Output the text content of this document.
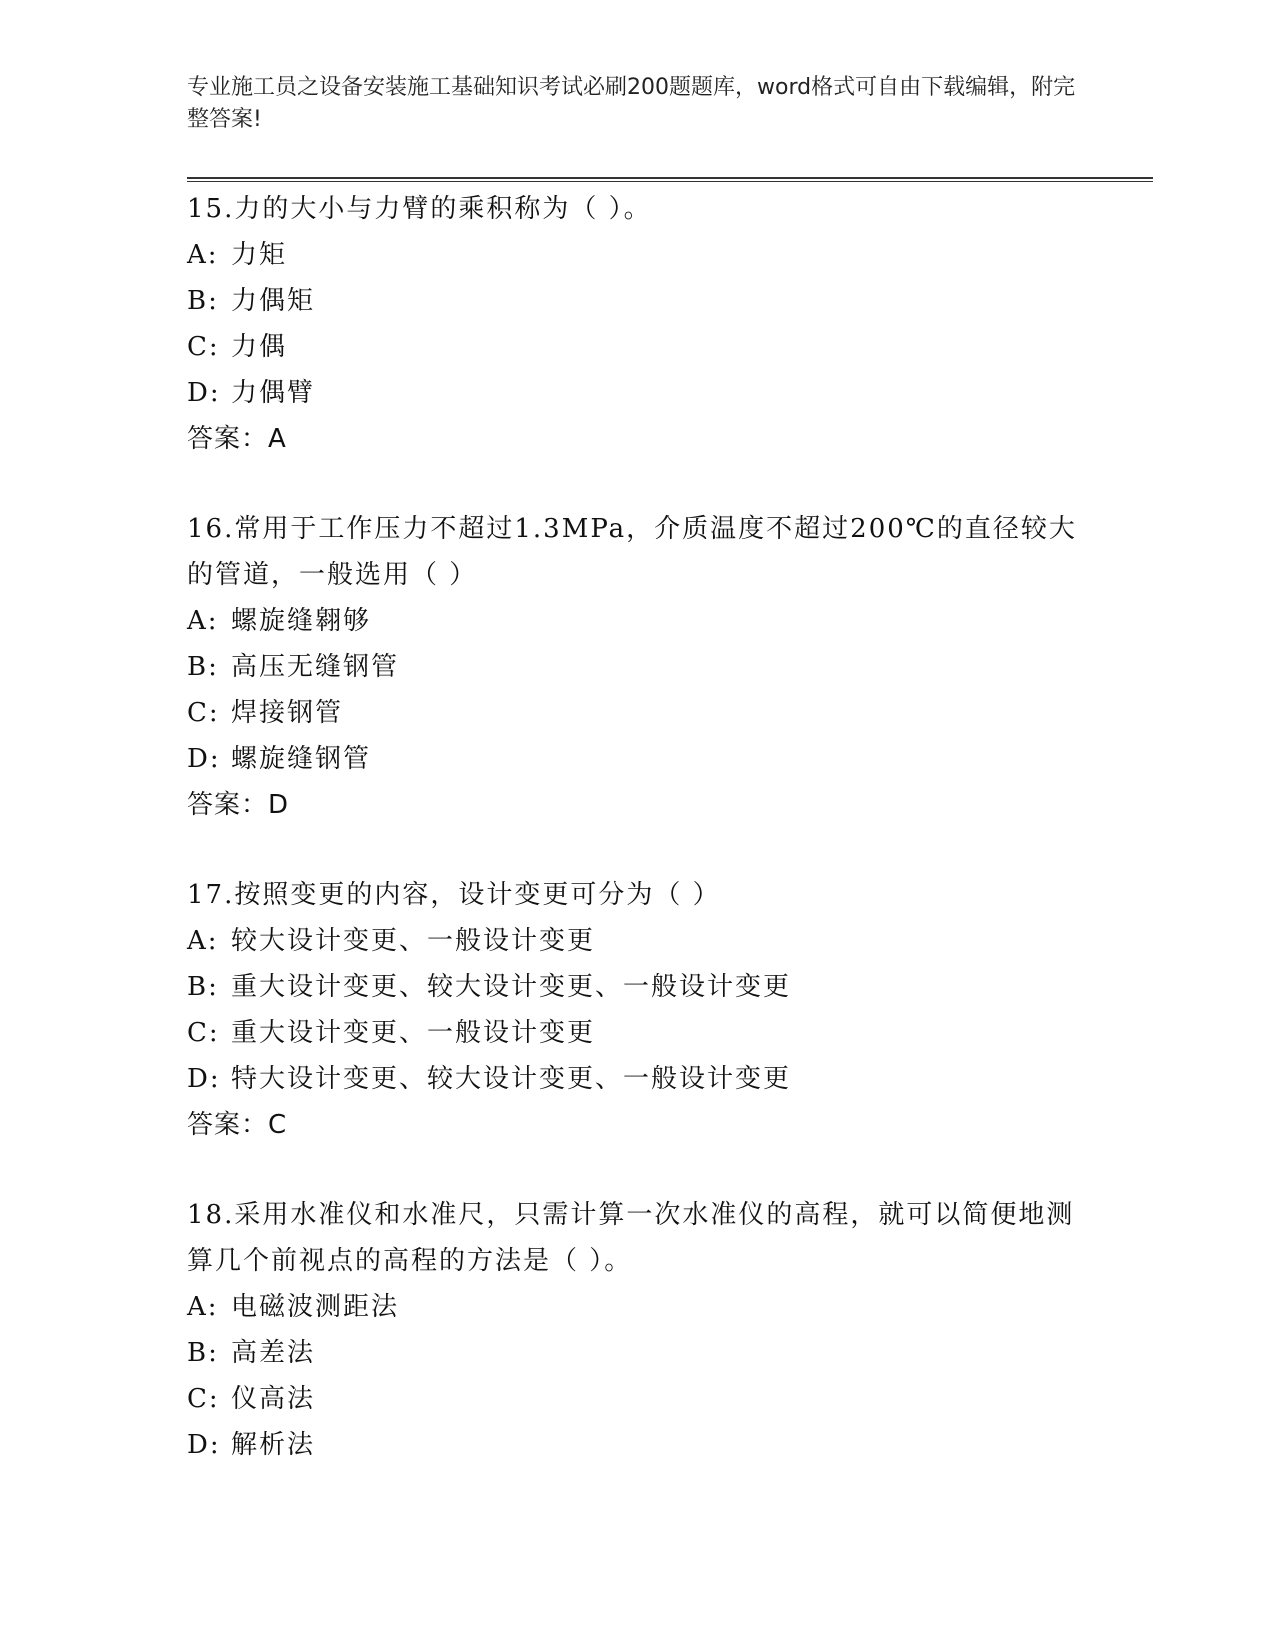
专业施工员之设备安装施工基础知识考试必刷200题题库，word格式可自由下载编辑，附完整答案!
15.力的大小与力臂的乘积称为（ ）。
A: 力矩
B: 力偶矩
C: 力偶
D: 力偶臂
答案：A
16.常用于工作压力不超过1.3MPa，介质温度不超过200℃的直径较大的管道，一般选用（ ）
A: 螺旋缝翱够
B: 高压无缝钢管
C: 焊接钢管
D: 螺旋缝钢管
答案：D
17.按照变更的内容，设计变更可分为（ ）
A: 较大设计变更、一般设计变更
B: 重大设计变更、较大设计变更、一般设计变更
C: 重大设计变更、一般设计变更
D: 特大设计变更、较大设计变更、一般设计变更
答案：C
18.采用水准仪和水准尺，只需计算一次水准仪的高程，就可以简便地测算几个前视点的高程的方法是（ ）。
A: 电磁波测距法
B: 高差法
C: 仪高法
D: 解析法
